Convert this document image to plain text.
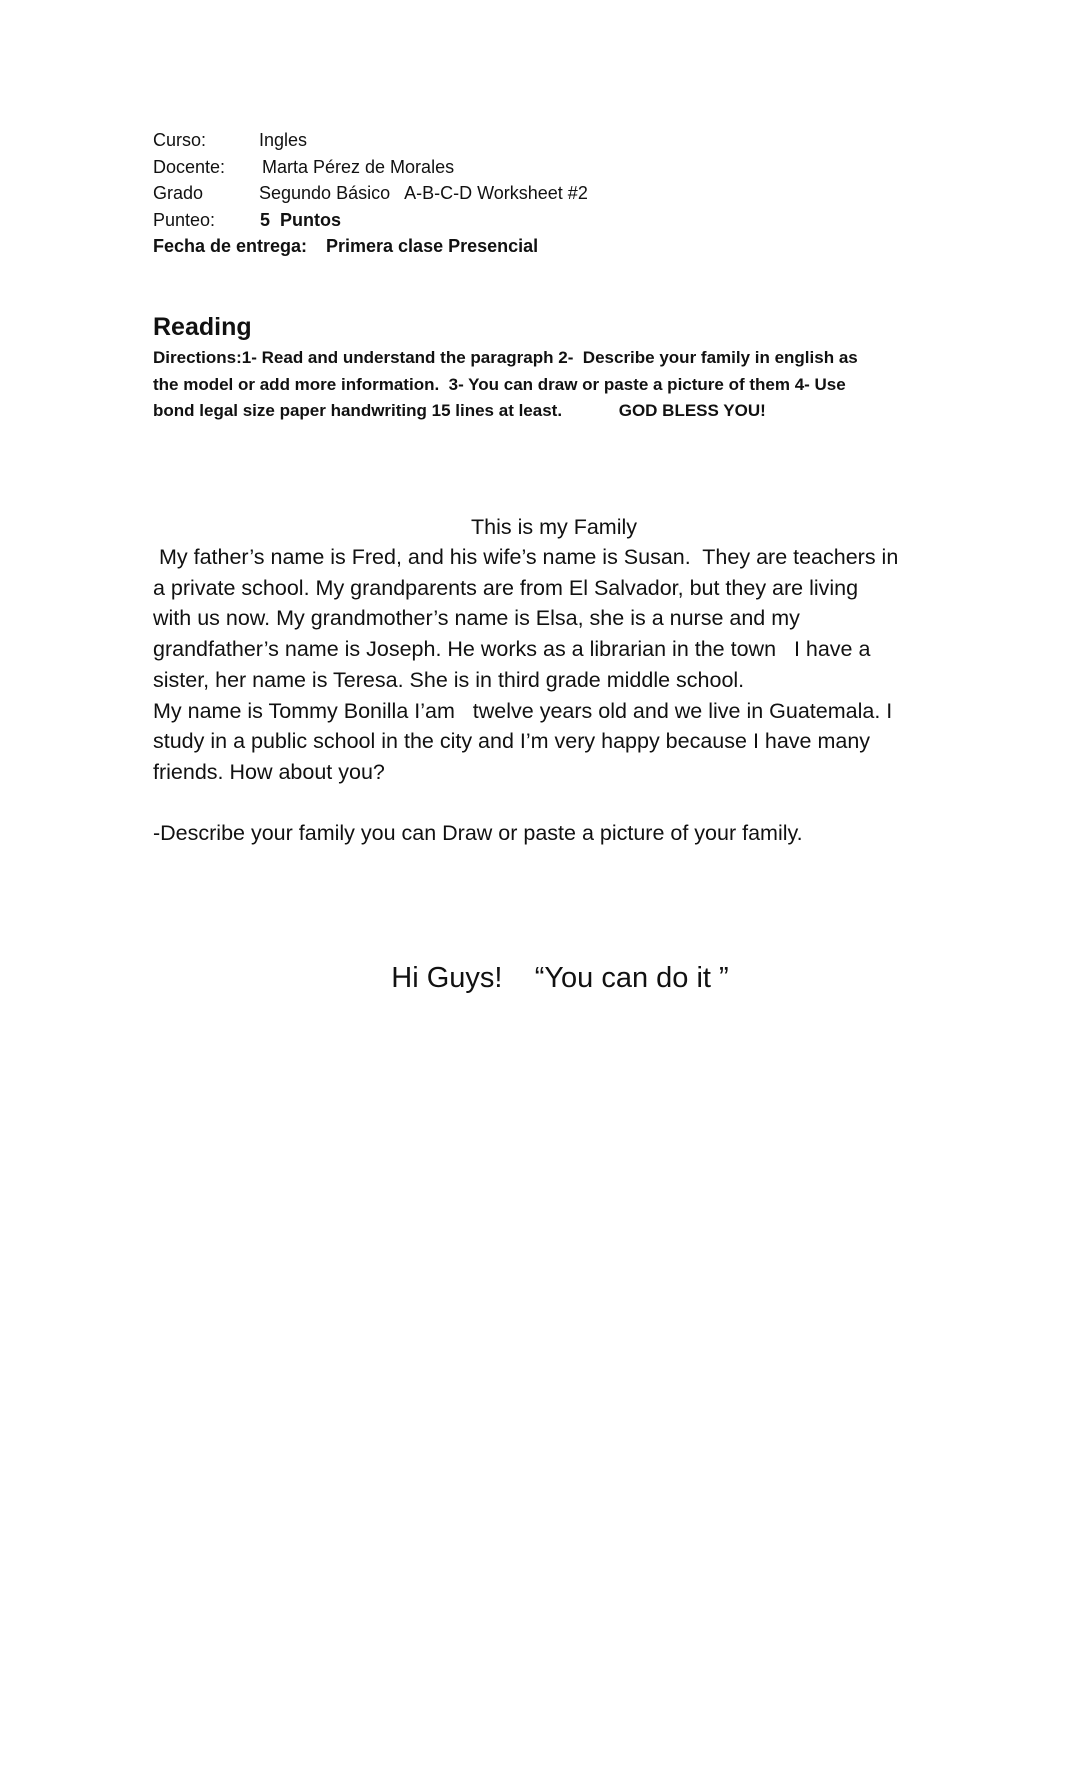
Curso:	Ingles
Docente: Marta Pérez de Morales
Grado	Segundo Básico   A-B-C-D Worksheet #2
Punteo: 5  Puntos
Fecha de entrega: Primera clase Presencial
Reading
Directions:1- Read and understand the paragraph 2-  Describe your family in english as
the model or add more information.  3- You can draw or paste a picture of them 4- Use
bond legal size paper handwriting 15 lines at least.            GOD BLESS YOU!
This is my Family
My father’s name is Fred, and his wife’s name is Susan.  They are teachers in
a private school. My grandparents are from El Salvador, but they are living
with us now. My grandmother’s name is Elsa, she is a nurse and my
grandfather’s name is Joseph. He works as a librarian in the town   I have a
sister, her name is Teresa. She is in third grade middle school.
My name is Tommy Bonilla I’am   twelve years old and we live in Guatemala. I
study in a public school in the city and I’m very happy because I have many
friends. How about you?
-Describe your family you can Draw or paste a picture of your family.
Hi Guys!    “You can do it ”
